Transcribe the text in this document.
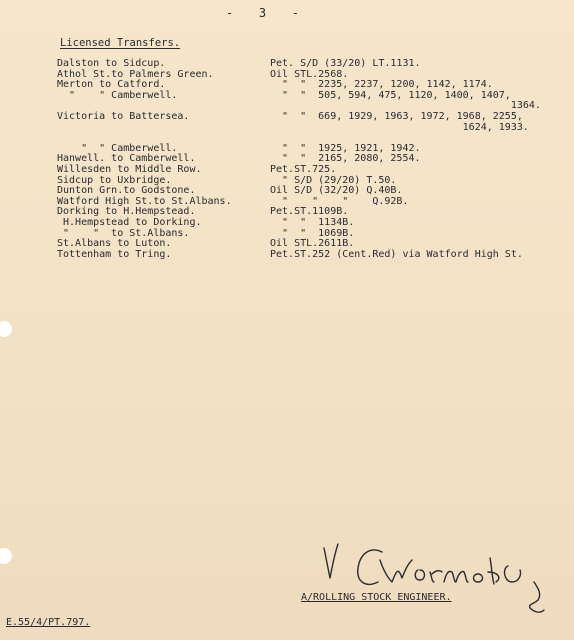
-   3   -
Licensed Transfers.
Dalston to Sidcup.	Pet. S/D (33/20) LT.1131.
Athol St.to Palmers Green.	Oil STL.2568.
Merton to Catford.	"  "  2235, 2237, 1200, 1142, 1174.
"    " Camberwell.	"  "  505, 594, 475, 1120, 1400, 1407,
1364.
Victoria to Battersea.	"  "  669, 1929, 1963, 1972, 1968, 2255,
1624, 1933.
"  " Camberwell.	"  "  1925, 1921, 1942.
Hanwell. to Camberwell.	"  "  2165, 2080, 2554.
Willesden to Middle Row.	Pet.ST.725.
Sidcup to Uxbridge.	" S/D (29/20) T.50.
Dunton Grn.to Godstone.	Oil S/D (32/20) Q.40B.
Watford High St.to St.Albans.	"    "    "    Q.92B.
Dorking to H.Hempstead.	Pet.ST.1109B.
H.Hempstead to Dorking.	"  "  1134B.
"    "  to St.Albans.	"  "  1069B.
St.Albans to Luton.	Oil STL.2611B.
Tottenham to Tring.	Pet.ST.252 (Cent.Red) via Watford High St.
A/ROLLING STOCK ENGINEER.
E.55/4/PT.797.
